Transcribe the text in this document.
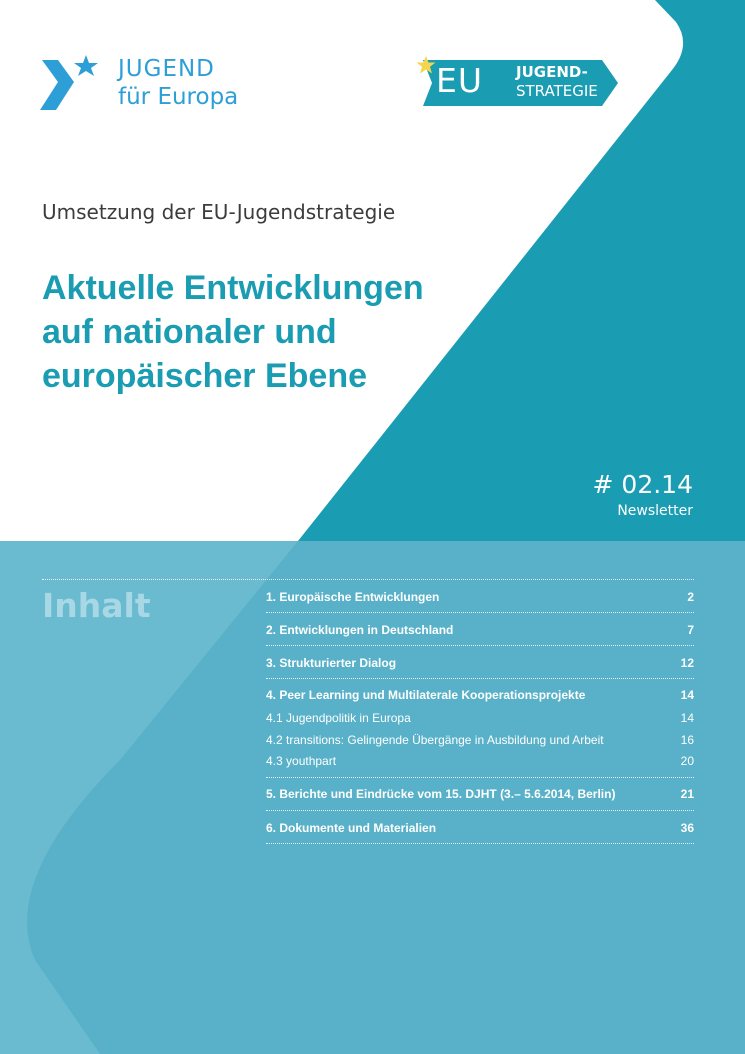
JUGEND
für Europa	EU JUGEND-
STRATEGIE
Umsetzung der EU-Jugendstrategie
Aktuelle Entwicklungen
auf nationaler und
europäischer Ebene
# 02.14
Newsletter
Inhalt	1. Europäische Entwicklungen	2
2. Entwicklungen in Deutschland	7
3. Strukturierter Dialog	12
4. Peer Learning und Multilaterale Kooperationsprojekte	14
4.1 Jugendpolitik in Europa	14
4.2 transitions: Gelingende Übergänge in Ausbildung und Arbeit	16
4.3 youthpart	20
5. Berichte und Eindrücke vom 15. DJHT (3.– 5.6.2014, Berlin)	21
6. Dokumente und Materialien	36
